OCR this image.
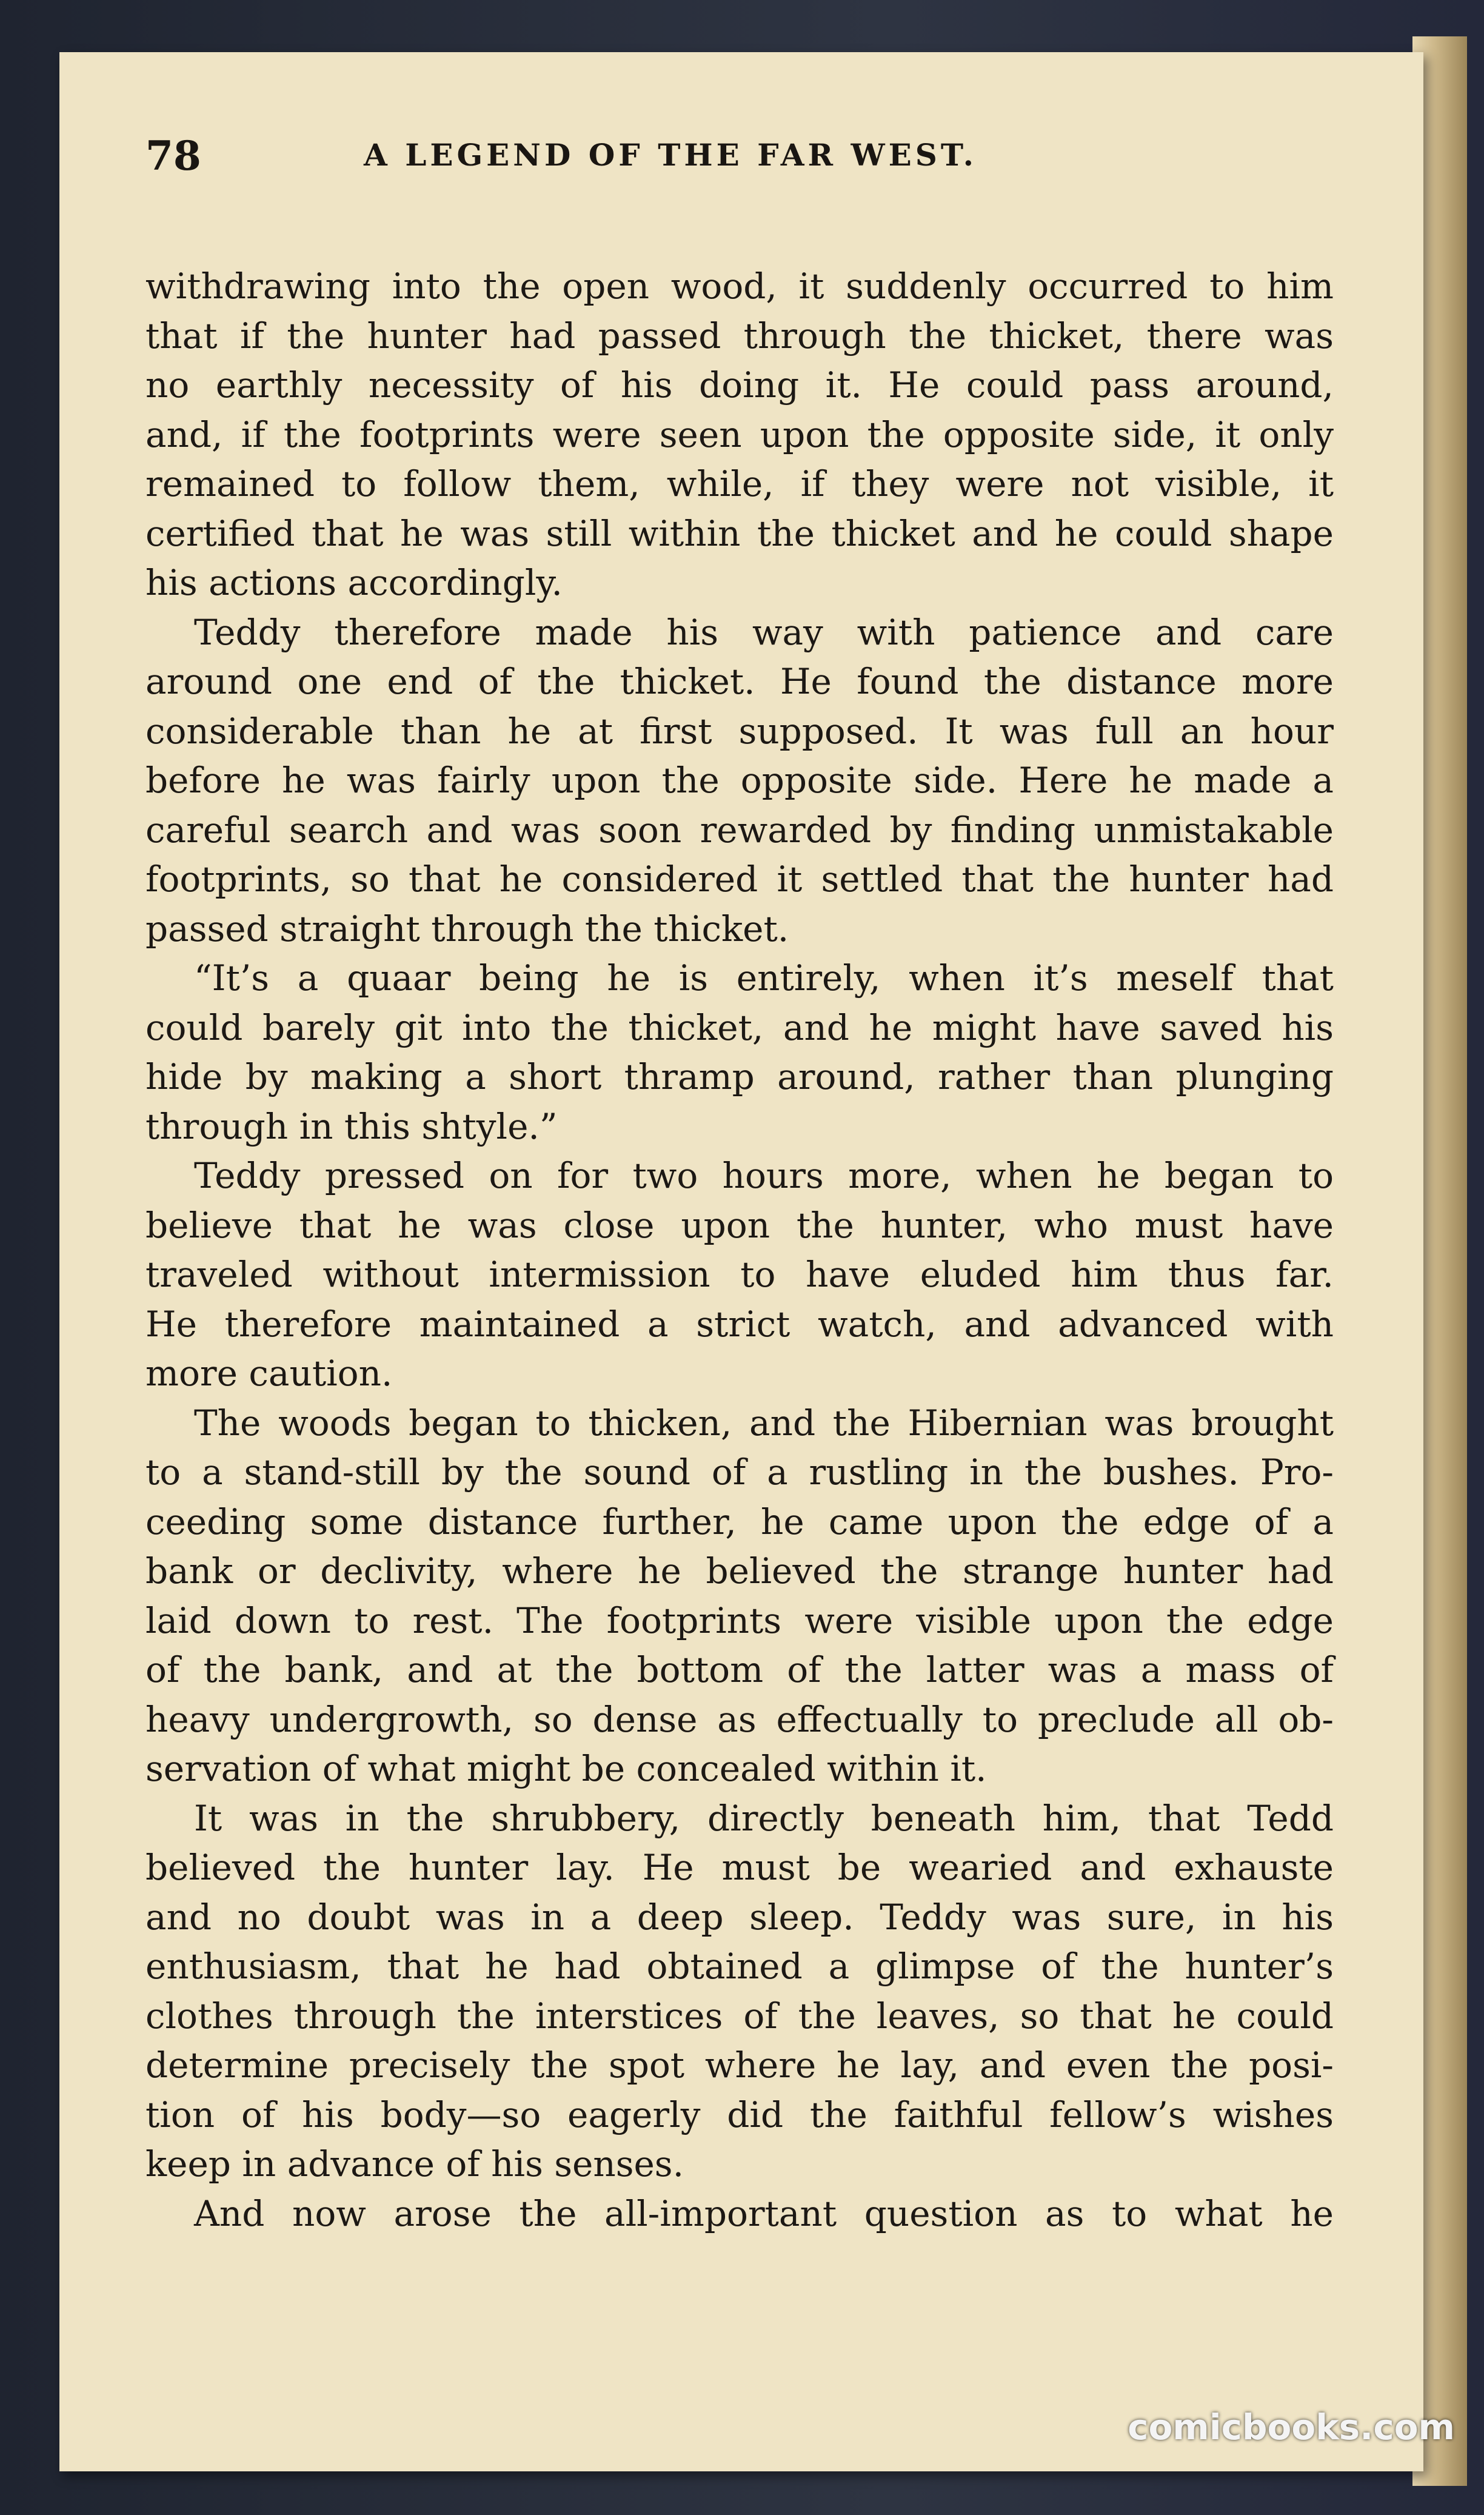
78	A LEGEND OF THE FAR WEST.
withdrawing into the open wood, it suddenly occurred to him
that if the hunter had passed through the thicket, there was
no earthly necessity of his doing it. He could pass around,
and, if the footprints were seen upon the opposite side, it only
remained to follow them, while, if they were not visible, it
certified that he was still within the thicket and he could shape
his actions accordingly.
Teddy therefore made his way with patience and care
around one end of the thicket. He found the distance more
considerable than he at first supposed. It was full an hour
before he was fairly upon the opposite side. Here he made a
careful search and was soon rewarded by finding unmistakable
footprints, so that he considered it settled that the hunter had
passed straight through the thicket.
“It’s a quaar being he is entirely, when it’s meself that
could barely git into the thicket, and he might have saved his
hide by making a short thramp around, rather than plunging
through in this shtyle.”
Teddy pressed on for two hours more, when he began to
believe that he was close upon the hunter, who must have
traveled without intermission to have eluded him thus far.
He therefore maintained a strict watch, and advanced with
more caution.
The woods began to thicken, and the Hibernian was brought
to a stand-still by the sound of a rustling in the bushes. Pro-
ceeding some distance further, he came upon the edge of a
bank or declivity, where he believed the strange hunter had
laid down to rest. The footprints were visible upon the edge
of the bank, and at the bottom of the latter was a mass of
heavy undergrowth, so dense as effectually to preclude all ob-
servation of what might be concealed within it.
It was in the shrubbery, directly beneath him, that Tedd
believed the hunter lay. He must be wearied and exhauste
and no doubt was in a deep sleep. Teddy was sure, in his
enthusiasm, that he had obtained a glimpse of the hunter’s
clothes through the interstices of the leaves, so that he could
determine precisely the spot where he lay, and even the posi-
tion of his body—so eagerly did the faithful fellow’s wishes
keep in advance of his senses.
And now arose the all-important question as to what he
comicbooks.com
